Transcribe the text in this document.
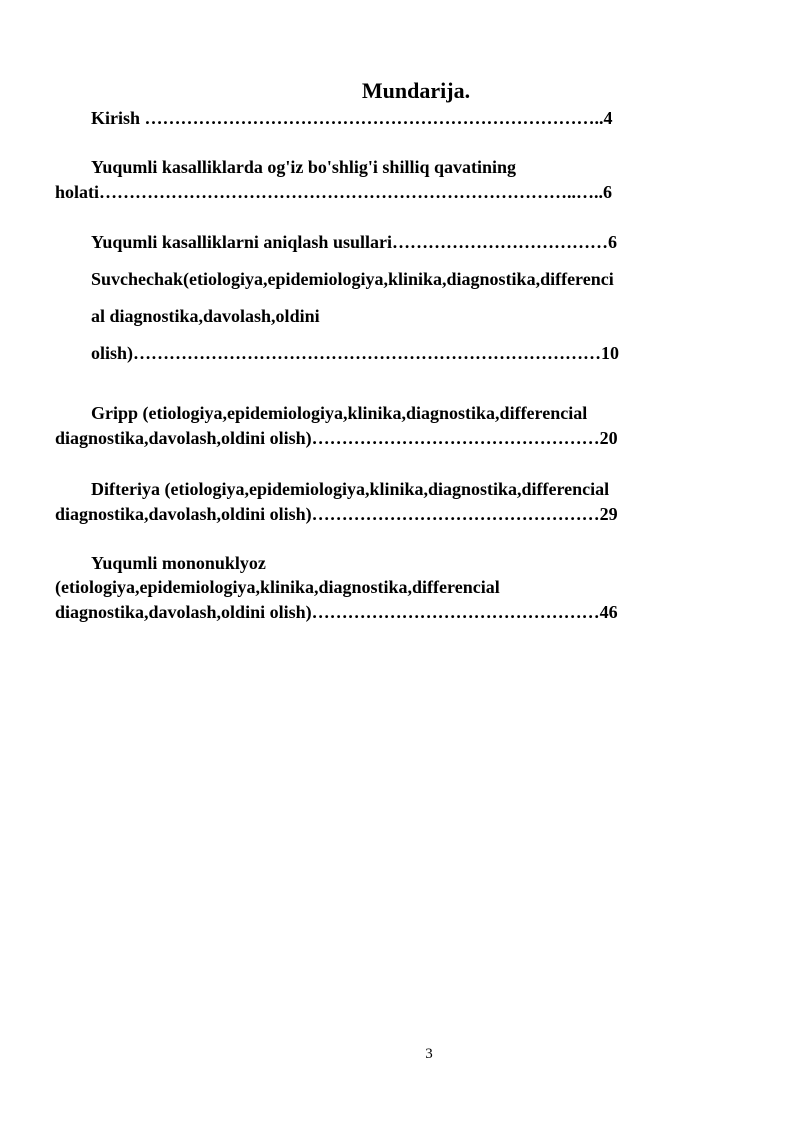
Mundarija.
Kirish …………………………………………………………………..4
Yuqumli kasalliklarda og'iz bo'shlig'i shilliq qavatining
holati……………………………………………………………………..…..6
Yuqumli kasalliklarni aniqlash usullari………………………………6
Suvchechak(etiologiya,epidemiologiya,klinika,diagnostika,differenci
al diagnostika,davolash,oldini
olish)……………………………………………………………………10
Gripp (etiologiya,epidemiologiya,klinika,diagnostika,differencial
diagnostika,davolash,oldini olish)…………………………………………20
Difteriya (etiologiya,epidemiologiya,klinika,diagnostika,differencial
diagnostika,davolash,oldini olish)…………………………………………29
Yuqumli mononuklyoz
(etiologiya,epidemiologiya,klinika,diagnostika,differencial
diagnostika,davolash,oldini olish)…………………………………………46
3
